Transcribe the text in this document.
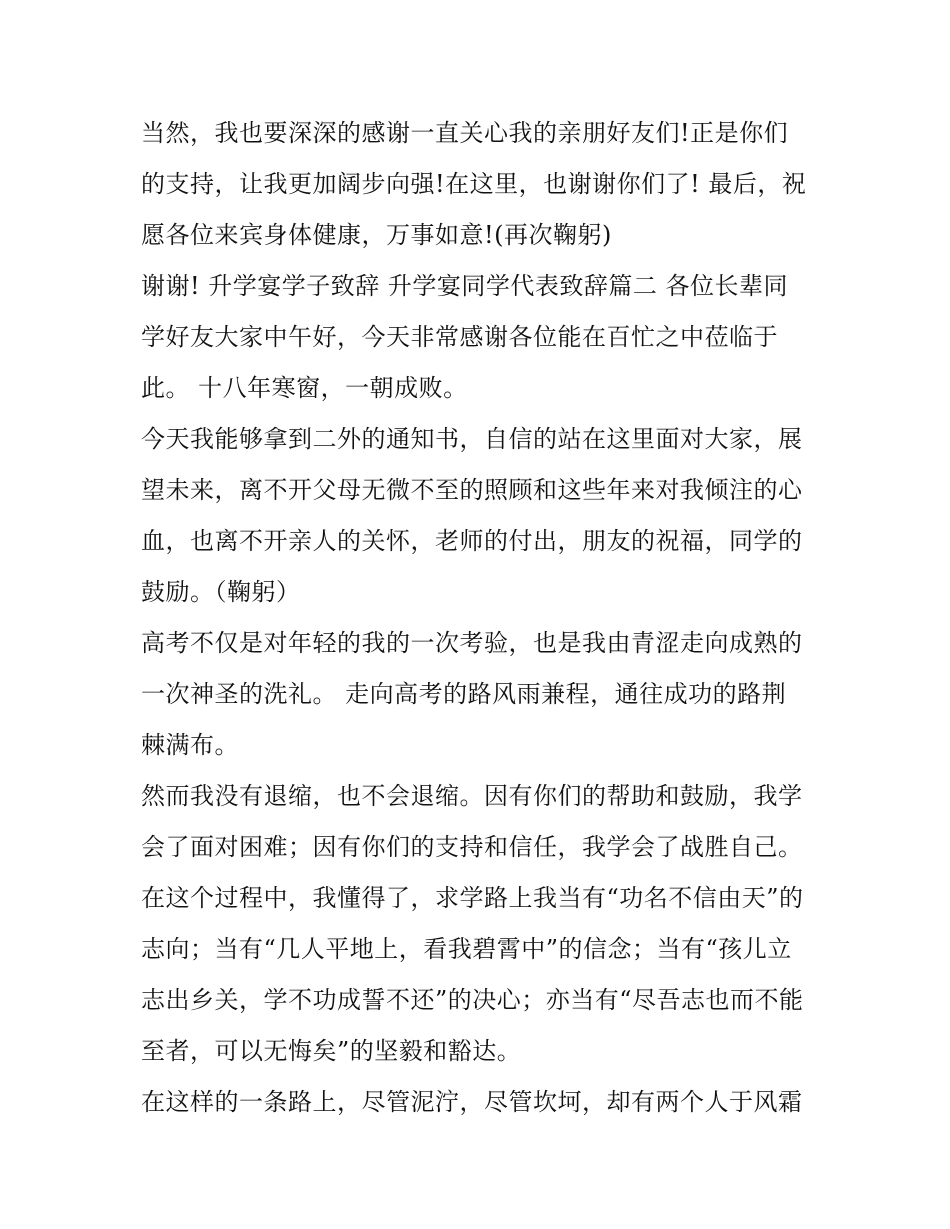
当然，我也要深深的感谢一直关心我的亲朋好友们!正是你们
的支持，让我更加阔步向强!在这里，也谢谢你们了! 最后，祝
愿各位来宾身体健康，万事如意!(再次鞠躬)
谢谢! 升学宴学子致辞 升学宴同学代表致辞篇二 各位长辈同
学好友大家中午好，今天非常感谢各位能在百忙之中莅临于
此。 十八年寒窗，一朝成败。
今天我能够拿到二外的通知书，自信的站在这里面对大家，展
望未来，离不开父母无微不至的照顾和这些年来对我倾注的心
血，也离不开亲人的关怀，老师的付出，朋友的祝福，同学的
鼓励。（鞠躬）
高考不仅是对年轻的我的一次考验，也是我由青涩走向成熟的
一次神圣的洗礼。 走向高考的路风雨兼程，通往成功的路荆
棘满布。
然而我没有退缩，也不会退缩。因有你们的帮助和鼓励，我学
会了面对困难；因有你们的支持和信任，我学会了战胜自己。
在这个过程中，我懂得了，求学路上我当有“功名不信由天”的
志向；当有“几人平地上，看我碧霄中”的信念；当有“孩儿立
志出乡关，学不功成誓不还”的决心；亦当有“尽吾志也而不能
至者，可以无悔矣”的坚毅和豁达。
在这样的一条路上，尽管泥泞，尽管坎坷，却有两个人于风霜
